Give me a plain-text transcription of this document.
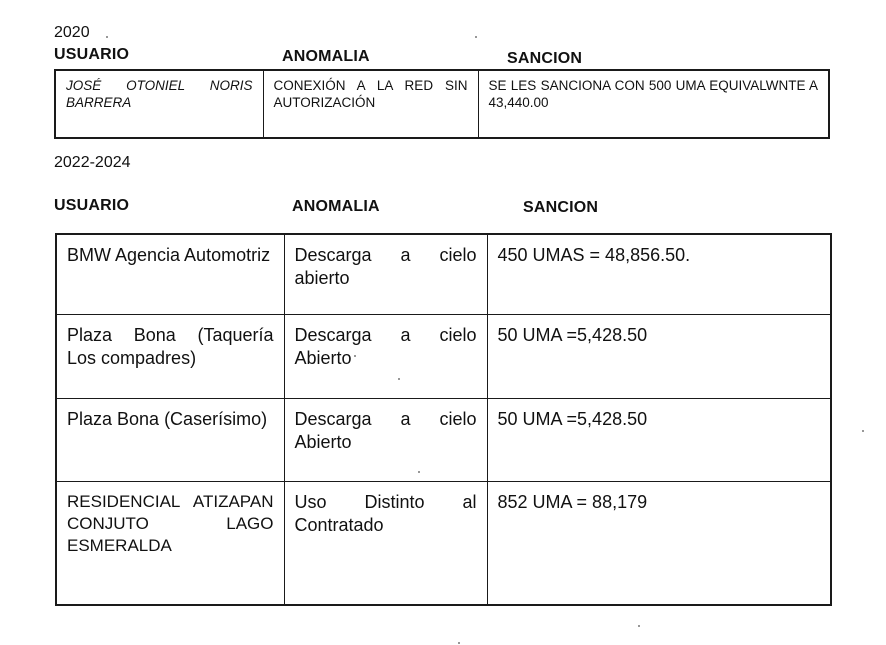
2020
USUARIO	ANOMALIA	SANCION
JOSÉ OTONIEL NORIS BARRERA	CONEXIÓN A LA RED SIN AUTORIZACIÓN	SE LES SANCIONA CON 500 UMA EQUIVALWNTE A 43,440.00
2022-2024
USUARIO	ANOMALIA	SANCION
BMW Agencia Automotriz	Descarga a cielo abierto	450 UMAS = 48,856.50.
Plaza Bona (Taquería Los compadres)	Descarga a cielo Abierto	50 UMA =5,428.50
Plaza Bona (Caserísimo)	Descarga a cielo Abierto	50 UMA =5,428.50
RESIDENCIAL ATIZAPAN CONJUTO LAGO ESMERALDA	Uso Distinto al Contratado	852 UMA = 88,179
